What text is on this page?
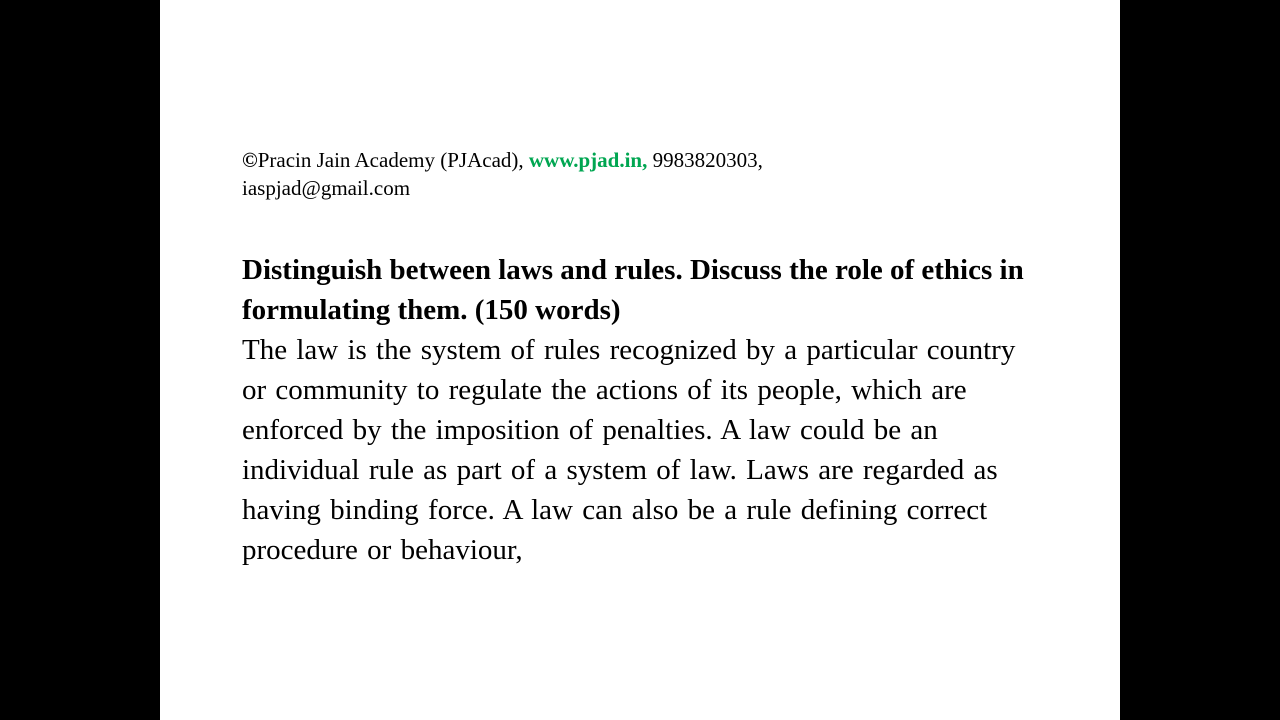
©Pracin Jain Academy (PJAcad), www.pjad.in, 9983820303,
iaspjad@gmail.com
Distinguish between laws and rules. Discuss the role of ethics in formulating them. (150 words)
The law is the system of rules recognized by a particular country or community to regulate the actions of its people, which are enforced by the imposition of penalties. A law could be an individual rule as part of a system of law. Laws are regarded as having binding force. A law can also be a rule defining correct procedure or behaviour,
